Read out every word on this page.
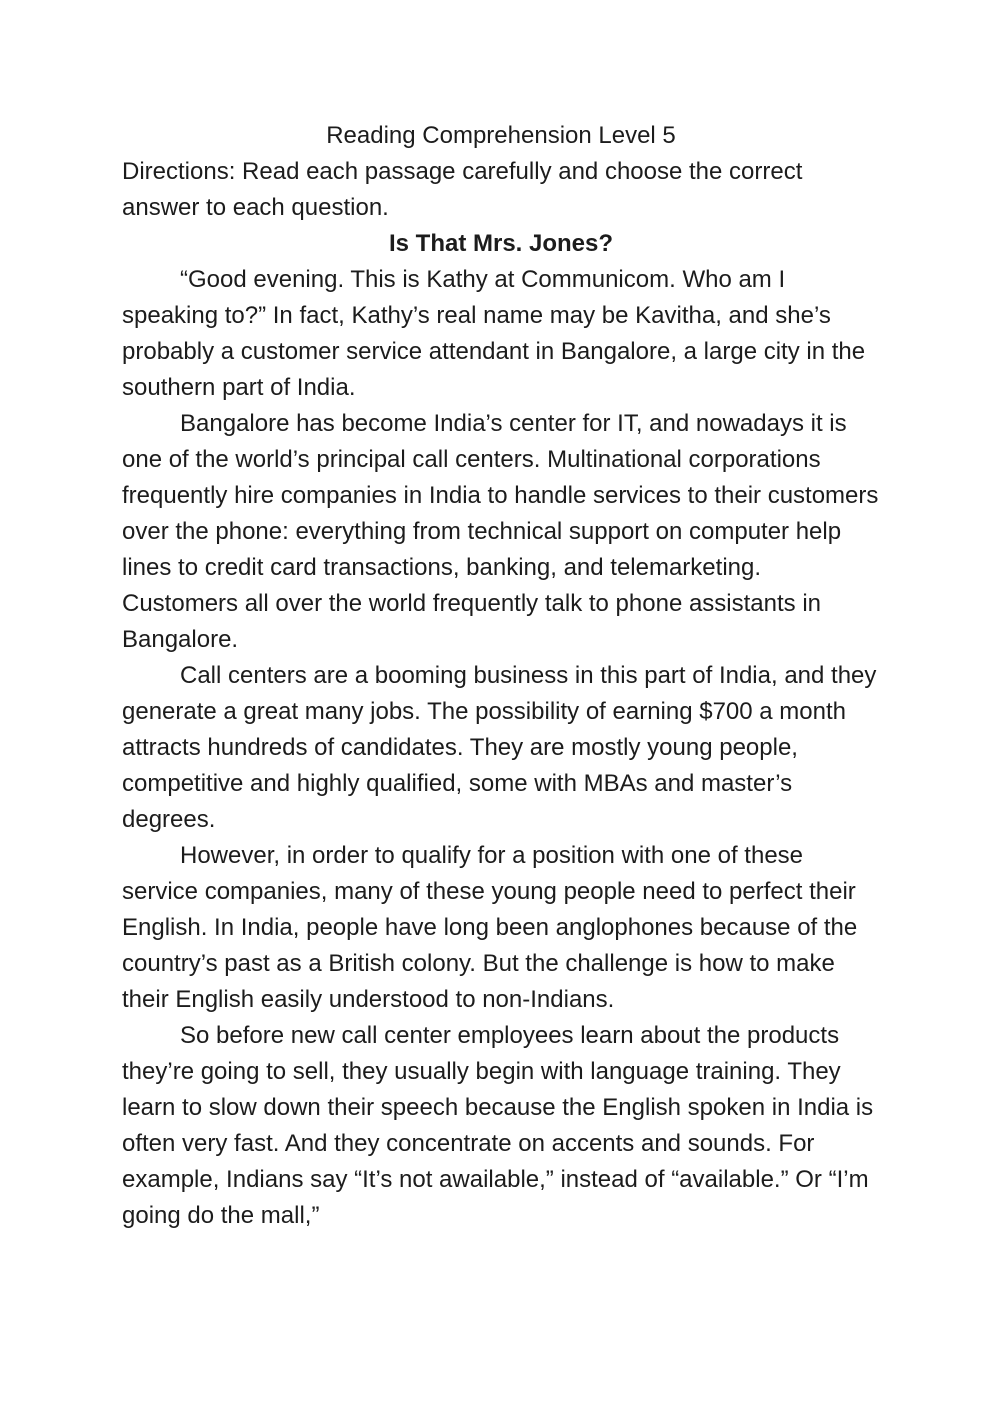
Reading Comprehension Level 5

Directions: Read each passage carefully and choose the correct answer to each question.

Is That Mrs. Jones?

“Good evening. This is Kathy at Communicom. Who am I speaking to?” In fact, Kathy’s real name may be Kavitha, and she’s probably a customer service attendant in Bangalore, a large city in the southern part of India.

Bangalore has become India’s center for IT, and nowadays it is one of the world’s principal call centers. Multinational corporations frequently hire companies in India to handle services to their customers over the phone: everything from technical support on computer help lines to credit card transactions, banking, and telemarketing. Customers all over the world frequently talk to phone assistants in Bangalore.

Call centers are a booming business in this part of India, and they generate a great many jobs. The possibility of earning $700 a month attracts hundreds of candidates. They are mostly young people, competitive and highly qualified, some with MBAs and master’s degrees.

However, in order to qualify for a position with one of these service companies, many of these young people need to perfect their English. In India, people have long been anglophones because of the country’s past as a British colony. But the challenge is how to make their English easily understood to non-Indians.

So before new call center employees learn about the products they’re going to sell, they usually begin with language training. They learn to slow down their speech because the English spoken in India is often very fast. And they concentrate on accents and sounds. For example, Indians say “It’s not awailable,” instead of “available.” Or “I’m going do the mall,”
